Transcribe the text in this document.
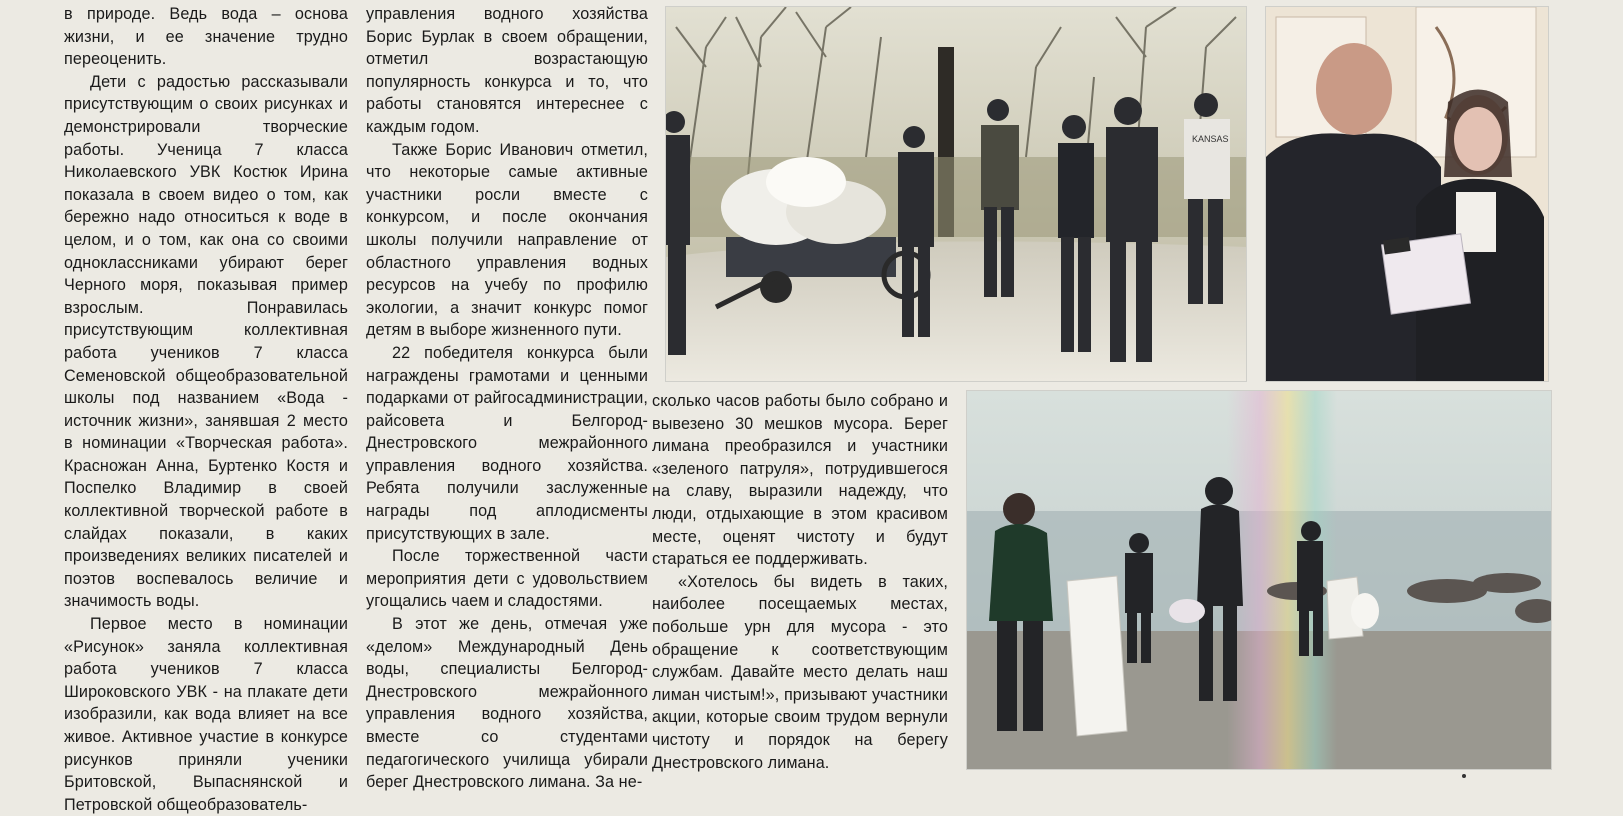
в природе. Ведь вода – основа жизни, и ее значение трудно переоценить.

Дети с радостью рассказывали присутствующим о своих рисунках и демонстрировали творческие работы. Ученица 7 класса Николаевского УВК Костюк Ирина показала в своем видео о том, как бережно надо относиться к воде в целом, и о том, как она со своими одноклассниками убирают берег Черного моря, показывая пример взрослым. Понравилась присутствующим коллективная работа учеников 7 класса Семеновской общеобразовательной школы под названием «Вода - источник жизни», занявшая 2 место в номинации «Творческая работа». Красножан Анна, Буртенко Костя и Поспелко Владимир в своей коллективной творческой работе в слайдах показали, в каких произведениях великих писателей и поэтов воспевалось величие и значимость воды.

Первое место в номинации «Рисунок» заняла коллективная работа учеников 7 класса Широковского УВК - на плакате дети изобразили, как вода влияет на все живое. Активное участие в конкурсе рисунков приняли ученики Бритовской, Выпаснянской и Петровской общеобразователь-

управления водного хозяйства Борис Бурлак в своем обращении, отметил возрастающую популярность конкурса и то, что работы становятся интереснее с каждым годом.

Также Борис Иванович отметил, что некоторые самые активные участники росли вместе с конкурсом, и после окончания школы получили направление от областного управления водных ресурсов на учебу по профилю экологии, а значит конкурс помог детям в выборе жизненного пути.

22 победителя конкурса были награждены грамотами и ценными подарками от райгосадминистрации, райсовета и Белгород-Днестровского межрайонного управления водного хозяйства. Ребята получили заслуженные награды под аплодисменты присутствующих в зале.

После торжественной части мероприятия дети с удовольствием угощались чаем и сладостями.

В этот же день, отмечая уже «делом» Международный День воды, специалисты Белгород-Днестровского межрайонного управления водного хозяйства, вместе со студентами педагогического училища убирали берег Днестровского лимана. За не-

сколько часов работы было собрано и вывезено 30 мешков мусора. Берег лимана преобразился и участники «зеленого патруля», потрудившегося на славу, выразили надежду, что люди, отдыхающие в этом красивом месте, оценят чистоту и будут стараться ее поддерживать.

«Хотелось бы видеть в таких, наиболее посещаемых местах, побольше урн для мусора - это обращение к соответствующим службам. Давайте место делать наш лиман чистым!», призывают участники акции, которые своим трудом вернули чистоту и порядок на берегу Днестровского лимана.

KANSAS
